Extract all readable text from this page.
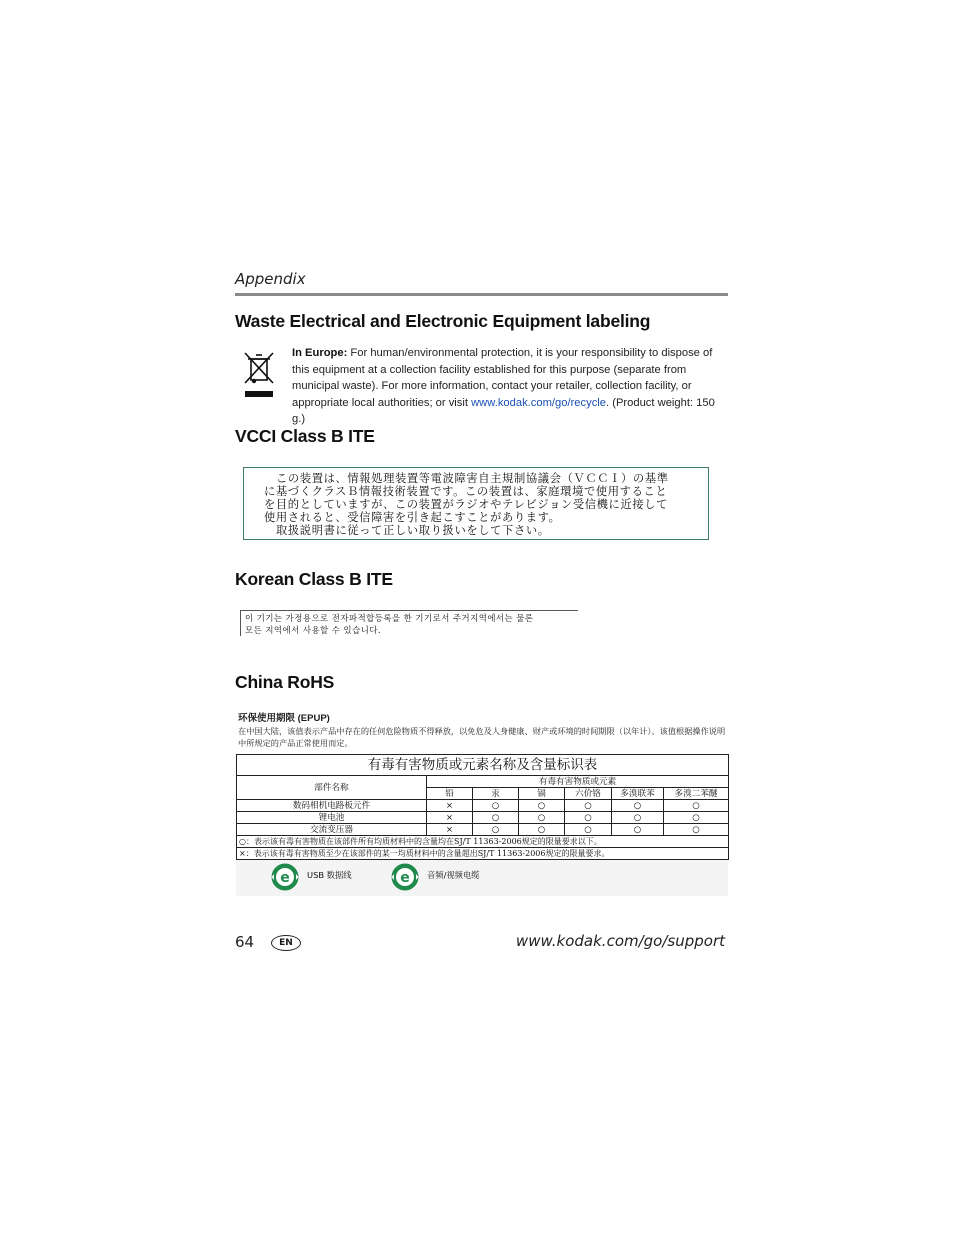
Appendix
Waste Electrical and Electronic Equipment labeling
In Europe: For human/environmental protection, it is your responsibility to dispose of this equipment at a collection facility established for this purpose (separate from municipal waste). For more information, contact your retailer, collection facility, or appropriate local authorities; or visit www.kodak.com/go/recycle. (Product weight: 150 g.)
VCCI Class B ITE
この装置は、情報処理装置等電波障害自主規制協議会（ＶＣＣＩ）の基準
に基づくクラスＢ情報技術装置です。この装置は、家庭環境で使用すること
を目的としていますが、この装置がラジオやテレビジョン受信機に近接して
使用されると、受信障害を引き起こすことがあります。
取扱説明書に従って正しい取り扱いをして下さい。
Korean Class B ITE
이 기기는 가정용으로 전자파적합등록을 한 기기로서 주거지역에서는 물론
모든 지역에서 사용할 수 있습니다.
China RoHS
环保使用期限 (EPUP)
在中国大陆，该值表示产品中存在的任何危险物质不得释放，以免危及人身健康、财产或环境的时间期限（以年计）。该值根据操作说明中所规定的产品正常使用而定。
有毒有害物质或元素名称及含量标识表						
部件名称	有毒有害物质或元素					
	铅	汞	镉	六价铬	多溴联苯	多溴二苯醚
数码相机电路板元件	×	○	○	○	○	○
锂电池	×	○	○	○	○	○
交流变压器	×	○	○	○	○	○
○：表示该有毒有害物质在该部件所有均质材料中的含量均在SJ/T 11363-2006规定的限量要求以下。						
×：表示该有毒有害物质至少在该部件的某一均质材料中的含量超出SJ/T 11363-2006规定的限量要求。						
e USB 数据线	e 音频/视频电缆
64	EN	www.kodak.com/go/support
